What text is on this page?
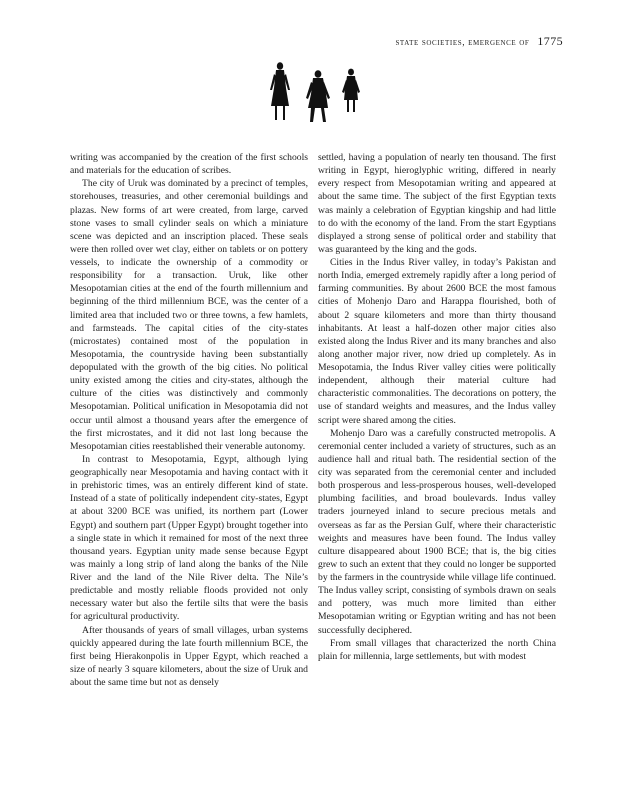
state societies, emergence of 1775

writing was accompanied by the creation of the first schools and materials for the education of scribes.

The city of Uruk was dominated by a precinct of temples, storehouses, treasuries, and other ceremonial buildings and plazas. New forms of art were created, from large, carved stone vases to small cylinder seals on which a miniature scene was depicted and an inscription placed. These seals were then rolled over wet clay, either on tablets or on pottery vessels, to indicate the ownership of a commodity or responsibility for a transaction. Uruk, like other Mesopotamian cities at the end of the fourth millennium and beginning of the third millennium BCE, was the center of a limited area that included two or three towns, a few hamlets, and farmsteads. The capital cities of the city-states (microstates) contained most of the population in Mesopotamia, the countryside having been substantially depopulated with the growth of the big cities. No political unity existed among the cities and city-states, although the culture of the cities was distinctively and commonly Mesopotamian. Political unification in Mesopotamia did not occur until almost a thousand years after the emergence of the first microstates, and it did not last long because the Mesopotamian cities reestablished their venerable autonomy.

In contrast to Mesopotamia, Egypt, although lying geographically near Mesopotamia and having contact with it in prehistoric times, was an entirely different kind of state. Instead of a state of politically independent city-states, Egypt at about 3200 BCE was unified, its northern part (Lower Egypt) and southern part (Upper Egypt) brought together into a single state in which it remained for most of the next three thousand years. Egyptian unity made sense because Egypt was mainly a long strip of land along the banks of the Nile River and the land of the Nile River delta. The Nile’s predictable and mostly reliable floods provided not only necessary water but also the fertile silts that were the basis for agricultural productivity.

After thousands of years of small villages, urban systems quickly appeared during the late fourth millennium BCE, the first being Hierakonpolis in Upper Egypt, which reached a size of nearly 3 square kilometers, about the size of Uruk and about the same time but not as densely

settled, having a population of nearly ten thousand. The first writing in Egypt, hieroglyphic writing, differed in nearly every respect from Mesopotamian writing and appeared at about the same time. The subject of the first Egyptian texts was mainly a celebration of Egyptian kingship and had little to do with the economy of the land. From the start Egyptians displayed a strong sense of political order and stability that was guaranteed by the king and the gods.

Cities in the Indus River valley, in today’s Pakistan and north India, emerged extremely rapidly after a long period of farming communities. By about 2600 BCE the most famous cities of Mohenjo Daro and Harappa flourished, both of about 2 square kilometers and more than thirty thousand inhabitants. At least a half-dozen other major cities also existed along the Indus River and its many branches and also along another major river, now dried up completely. As in Mesopotamia, the Indus River valley cities were politically independent, although their material culture had characteristic commonalities. The decorations on pottery, the use of standard weights and measures, and the Indus valley script were shared among the cities.

Mohenjo Daro was a carefully constructed metropolis. A ceremonial center included a variety of structures, such as an audience hall and ritual bath. The residential section of the city was separated from the ceremonial center and included both prosperous and less-prosperous houses, well-developed plumbing facilities, and broad boulevards. Indus valley traders journeyed inland to secure precious metals and overseas as far as the Persian Gulf, where their characteristic weights and measures have been found. The Indus valley culture disappeared about 1900 BCE; that is, the big cities grew to such an extent that they could no longer be supported by the farmers in the countryside while village life continued. The Indus valley script, consisting of symbols drawn on seals and pottery, was much more limited than either Mesopotamian writing or Egyptian writing and has not been successfully deciphered.

From small villages that characterized the north China plain for millennia, large settlements, but with modest
